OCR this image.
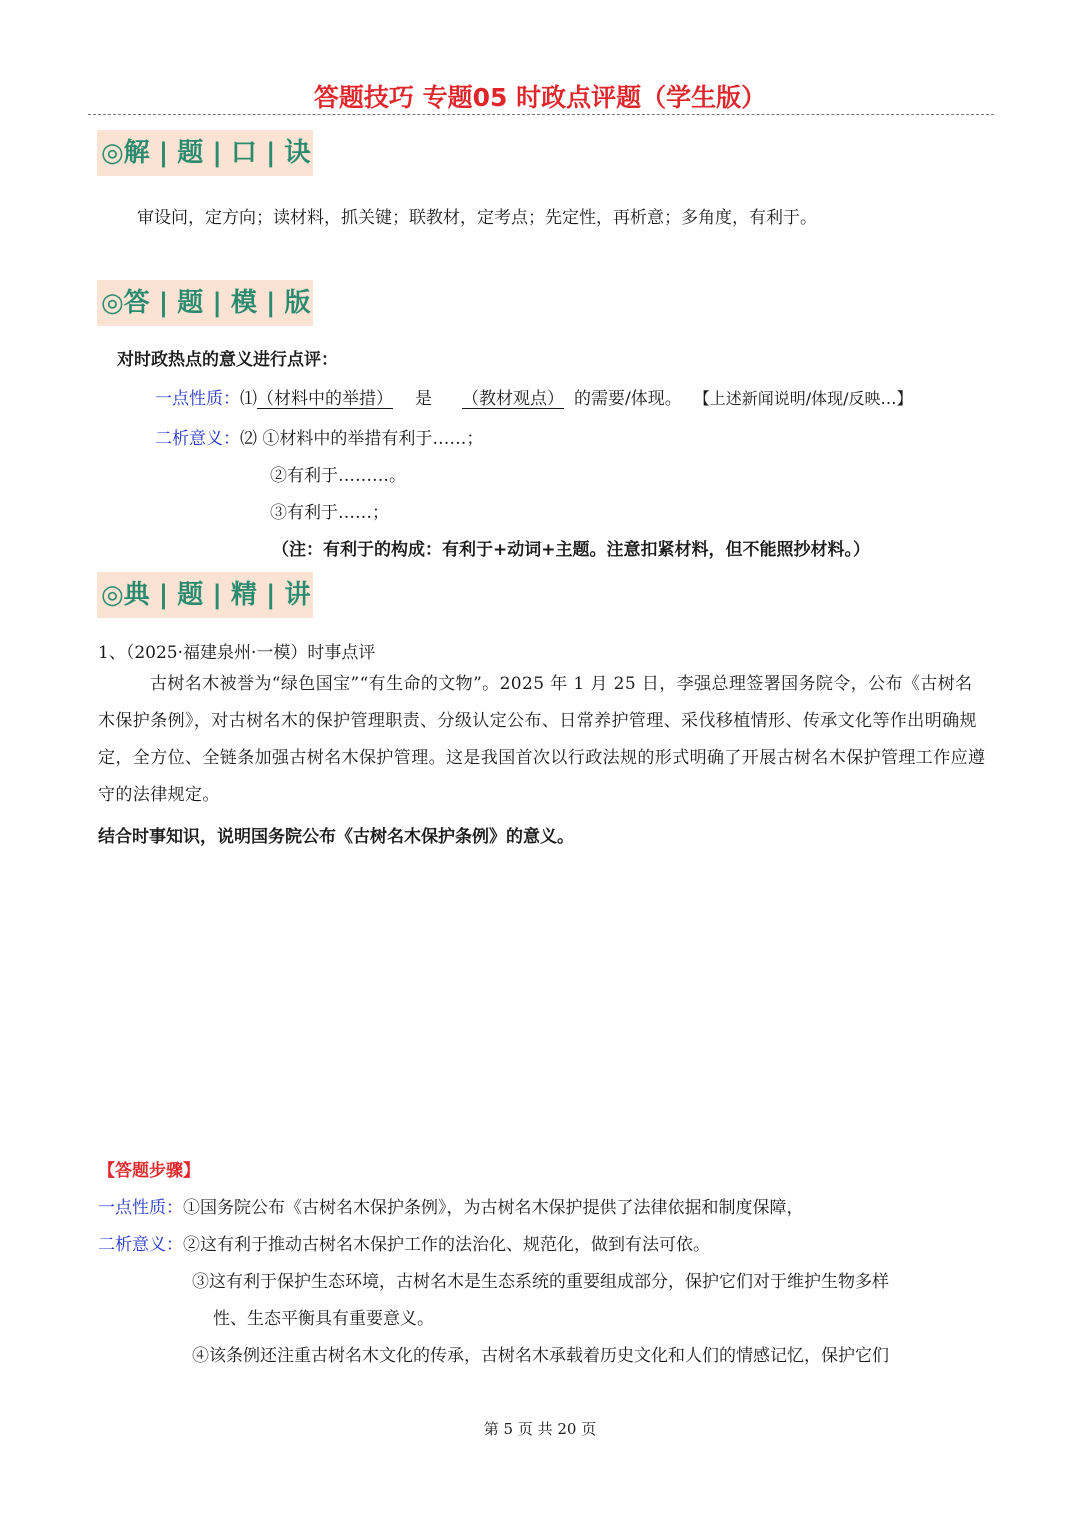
答题技巧 专题05 时政点评题（学生版）
◎解 | 题 | 口 | 诀
审设问，定方向；读材料，抓关键；联教材，定考点；先定性，再析意；多角度，有利于。
◎答 | 题 | 模 | 版
对时政热点的意义进行点评：
一点性质：⑴（材料中的举措） 是 （教材观点） 的需要/体现。 【上述新闻说明/体现/反映…】
二析意义：⑵ ①材料中的举措有利于……；
②有利于………。
③有利于……；
（注：有利于的构成：有利于+动词+主题。注意扣紧材料，但不能照抄材料。）
◎典 | 题 | 精 | 讲
1、（2025·福建泉州·一模）时事点评
古树名木被誉为“绿色国宝”“有生命的文物”。2025 年 1 月 25 日，李强总理签署国务院令，公布《古树名木保护条例》，对古树名木的保护管理职责、分级认定公布、日常养护管理、采伐移植情形、传承文化等作出明确规定，全方位、全链条加强古树名木保护管理。这是我国首次以行政法规的形式明确了开展古树名木保护管理工作应遵守的法律规定。
结合时事知识，说明国务院公布《古树名木保护条例》的意义。
【答题步骤】
一点性质：①国务院公布《古树名木保护条例》，为古树名木保护提供了法律依据和制度保障，
二析意义：②这有利于推动古树名木保护工作的法治化、规范化，做到有法可依。
③这有利于保护生态环境，古树名木是生态系统的重要组成部分，保护它们对于维护生物多样
性、生态平衡具有重要意义。
④该条例还注重古树名木文化的传承，古树名木承载着历史文化和人们的情感记忆，保护它们
第 5 页 共 20 页
